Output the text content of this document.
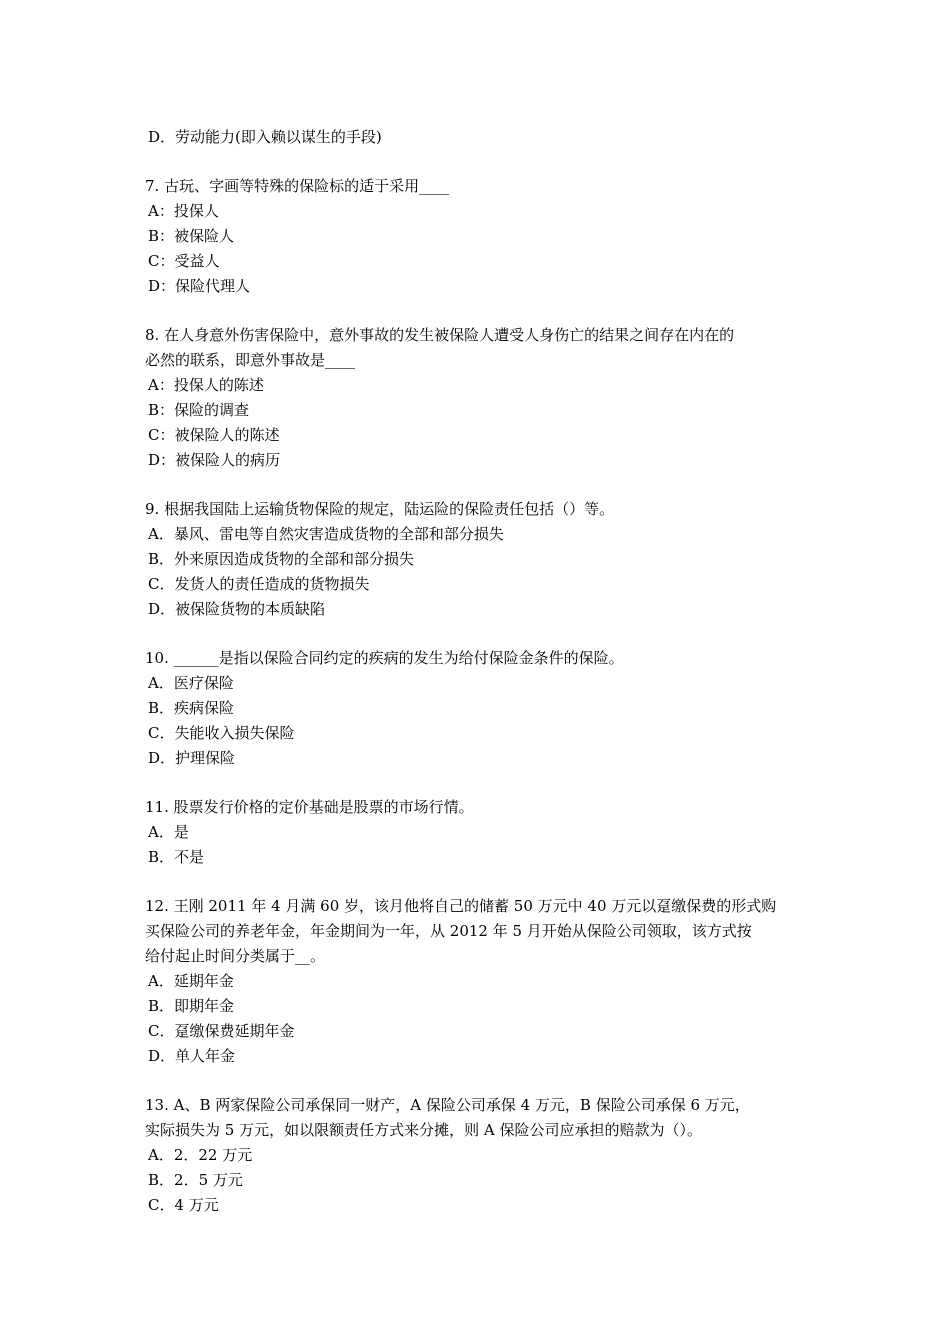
D．劳动能力(即入赖以谋生的手段)
7. 古玩、字画等特殊的保险标的适于采用____
A：投保人
B：被保险人
C：受益人
D：保险代理人
8. 在人身意外伤害保险中，意外事故的发生被保险人遭受人身伤亡的结果之间存在内在的
必然的联系，即意外事故是____
A：投保人的陈述
B：保险的调查
C：被保险人的陈述
D：被保险人的病历
9. 根据我国陆上运输货物保险的规定，陆运险的保险责任包括（）等。
A．暴风、雷电等自然灾害造成货物的全部和部分损失
B．外来原因造成货物的全部和部分损失
C．发货人的责任造成的货物损失
D．被保险货物的本质缺陷
10. ______是指以保险合同约定的疾病的发生为给付保险金条件的保险。
A．医疗保险
B．疾病保险
C．失能收入损失保险
D．护理保险
11. 股票发行价格的定价基础是股票的市场行情。
A．是
B．不是
12. 王刚 2011 年 4 月满 60 岁，该月他将自己的储蓄 50 万元中 40 万元以趸缴保费的形式购
买保险公司的养老年金，年金期间为一年，从 2012 年 5 月开始从保险公司领取，该方式按
给付起止时间分类属于__。
A．延期年金
B．即期年金
C．趸缴保费延期年金
D．单人年金
13. A、B 两家保险公司承保同一财产，A 保险公司承保 4 万元，B 保险公司承保 6 万元，
实际损失为 5 万元，如以限额责任方式来分摊，则 A 保险公司应承担的赔款为（）。
A．2．22 万元
B．2．5 万元
C．4 万元
